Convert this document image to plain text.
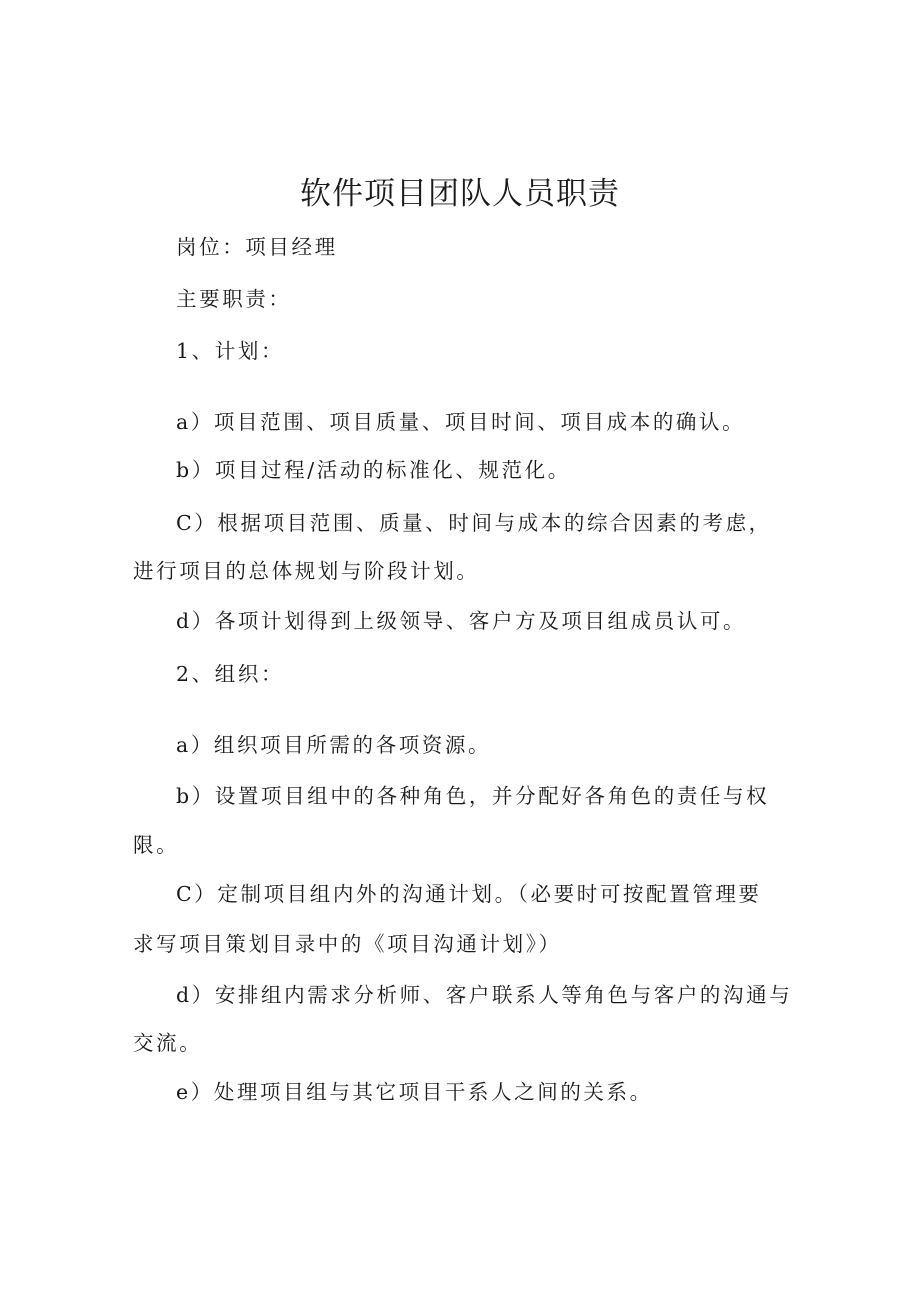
软件项目团队人员职责
岗位：项目经理
主要职责：
1、计划：
a）项目范围、项目质量、项目时间、项目成本的确认。
b）项目过程/活动的标准化、规范化。
C）根据项目范围、质量、时间与成本的综合因素的考虑，
进行项目的总体规划与阶段计划。
d）各项计划得到上级领导、客户方及项目组成员认可。
2、组织：
a）组织项目所需的各项资源。
b）设置项目组中的各种角色，并分配好各角色的责任与权
限。
C）定制项目组内外的沟通计划。（必要时可按配置管理要
求写项目策划目录中的《项目沟通计划》）
d）安排组内需求分析师、客户联系人等角色与客户的沟通与
交流。
e）处理项目组与其它项目干系人之间的关系。
